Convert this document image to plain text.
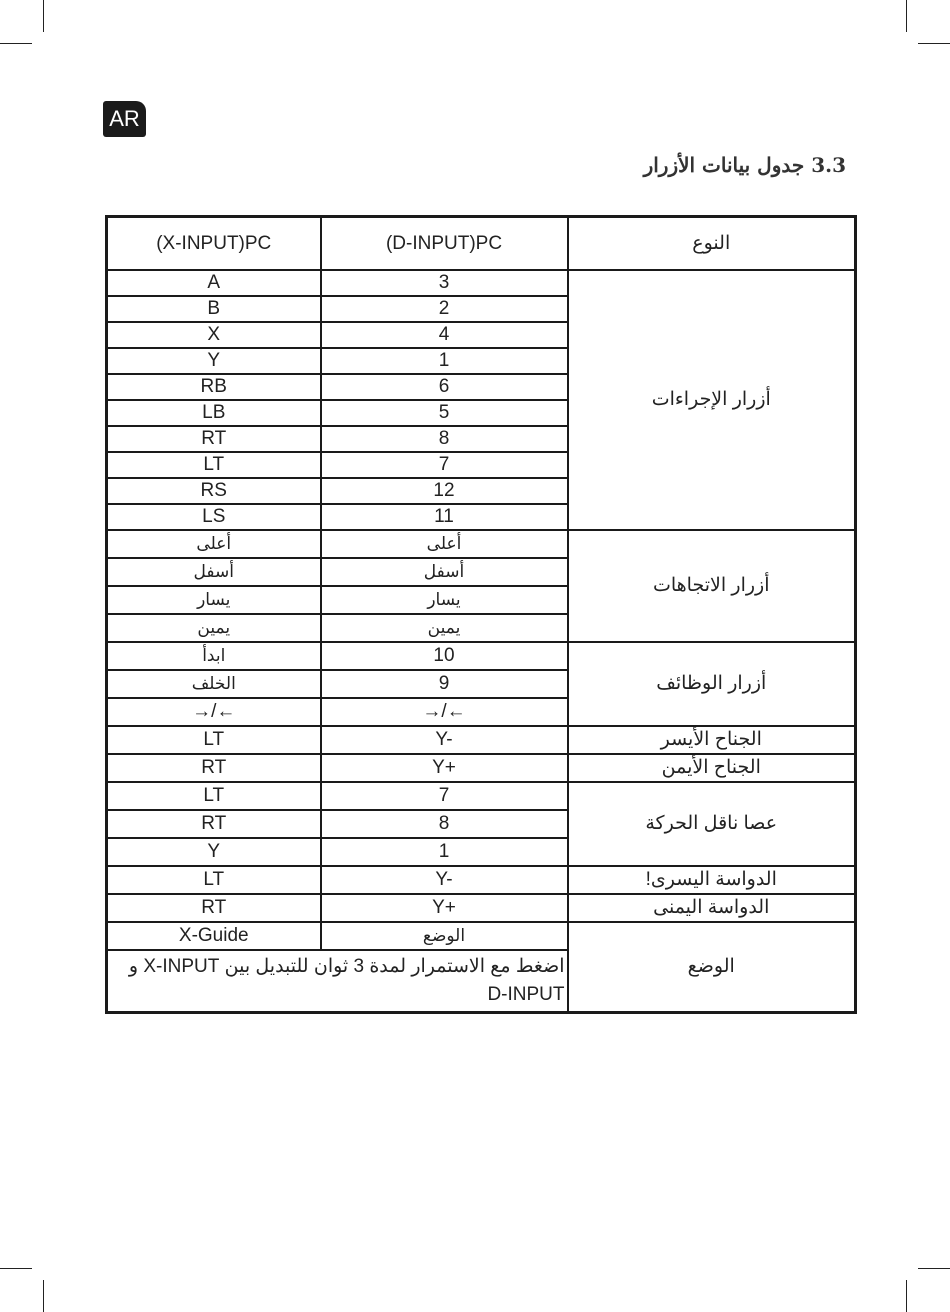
AR
3.3 جدول بيانات الأزرار
(X-INPUT)PC	(D-INPUT)PC	النوع
A	3	أزرار الإجراءات
B	2	
X	4	
Y	1	
RB	6	
LB	5	
RT	8	
LT	7	
RS	12	
LS	11	
أعلى	أعلى	أزرار الاتجاهات
أسفل	أسفل	
يسار	يسار	
يمين	يمين	
ابدأ	10	أزرار الوظائف
الخلف	9	
→/←	→/←	
LT	Y-	الجناح الأيسر
RT	Y+	الجناح الأيمن
LT	7	عصا ناقل الحركة
RT	8	
Y	1	
LT	Y-	الدواسة اليسرى!
RT	Y+	الدواسة اليمنى
X-Guide	الوضع	الوضع
اضغط مع الاستمرار لمدة 3 ثوان للتبديل بين X-INPUT و
D-INPUT		
